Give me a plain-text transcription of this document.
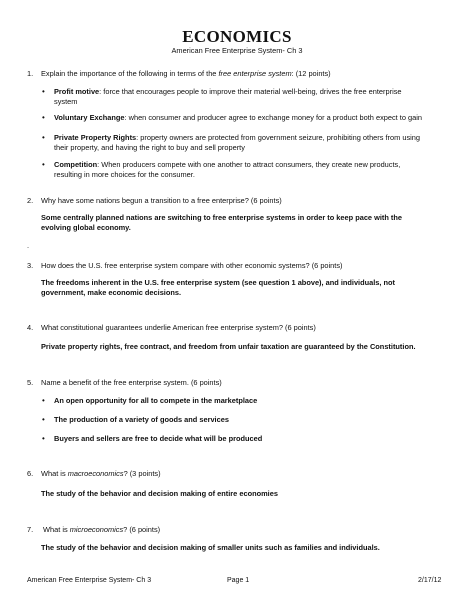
ECONOMICS
American Free Enterprise System- Ch 3
1. Explain the importance of the following in terms of the free enterprise system: (12 points)
• Profit motive: force that encourages people to improve their material well-being, drives the free enterprise
system
• Voluntary Exchange: when consumer and producer agree to exchange money for a product both expect to gain
• Private Property Rights: property owners are protected from government seizure, prohibiting others from using
their property, and having the right to buy and sell property
• Competition: When producers compete with one another to attract consumers, they create new products,
resulting in more choices for the consumer.
2. Why have some nations begun a transition to a free enterprise? (6 points)
Some centrally planned nations are switching to free enterprise systems in order to keep pace with the
evolving global economy.
.
3. How does the U.S. free enterprise system compare with other economic systems? (6 points)
The freedoms inherent in the U.S. free enterprise system (see question 1 above), and individuals, not
government, make economic decisions.
4. What constitutional guarantees underlie American free enterprise system? (6 points)
Private property rights, free contract, and freedom from unfair taxation are guaranteed by the Constitution.
5. Name a benefit of the free enterprise system. (6 points)
• An open opportunity for all to compete in the marketplace
• The production of a variety of goods and services
• Buyers and sellers are free to decide what will be produced
6. What is macroeconomics? (3 points)
The study of the behavior and decision making of entire economies
7. What is microeconomics? (6 points)
The study of the behavior and decision making of smaller units such as families and individuals.
American Free Enterprise System- Ch 3	Page 1	2/17/12
